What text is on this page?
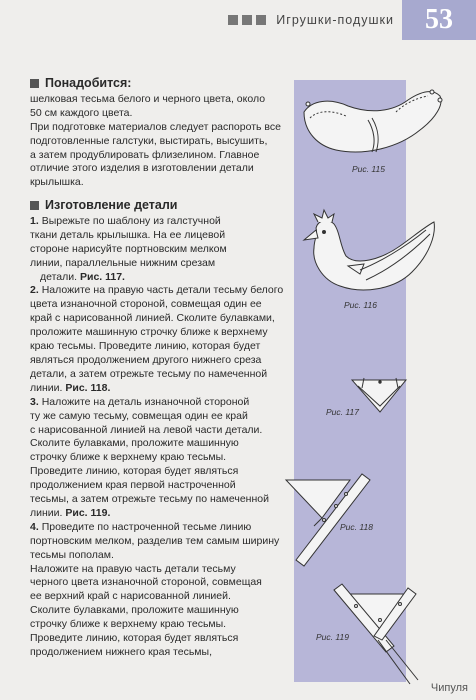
Игрушки-подушки	53
Понадобится:

шелковая тесьма белого и черного цвета, около

50 см каждого цвета.

При подготовке материалов следует распороть все

подготовленные галстуки, выстирать, высушить,

а затем продублировать флизелином. Главное

отличие этого изделия в изготовлении детали

крылышка.

Изготовление детали

1. Вырежьте по шаблону из галстучной

ткани деталь крылышка. На ее лицевой

стороне нарисуйте портновским мелком

линии, параллельные нижним срезам

детали. Рис. 117.

2. Наложите на правую часть детали тесьму белого

цвета изнаночной стороной, совмещая один ее

край с нарисованной линией. Сколите булавками,

проложите машинную строчку ближе к верхнему

краю тесьмы. Проведите линию, которая будет

являться продолжением другого нижнего среза

детали, а затем отрежьте тесьму по намеченной

линии. Рис. 118.

3. Наложите на деталь изнаночной стороной

ту же самую тесьму, совмещая один ее край

с нарисованной линией на левой части детали.

Сколите булавками, проложите машинную

строчку ближе к верхнему краю тесьмы.

Проведите линию, которая будет являться

продолжением края первой настроченной

тесьмы, а затем отрежьте тесьму по намеченной

линии. Рис. 119.

4. Проведите по настроченной тесьме линию

портновским мелком, разделив тем самым ширину

тесьмы пополам.

Наложите на правую часть детали тесьму

черного цвета изнаночной стороной, совмещая

ее верхний край с нарисованной линией.

Сколите булавками, проложите машинную

строчку ближе к верхнему краю тесьмы.

Проведите линию, которая будет являться

продолжением нижнего края тесьмы,

Рис. 115
Рис. 116
Рис. 117
Рис. 118
Рис. 119
Чипуля
